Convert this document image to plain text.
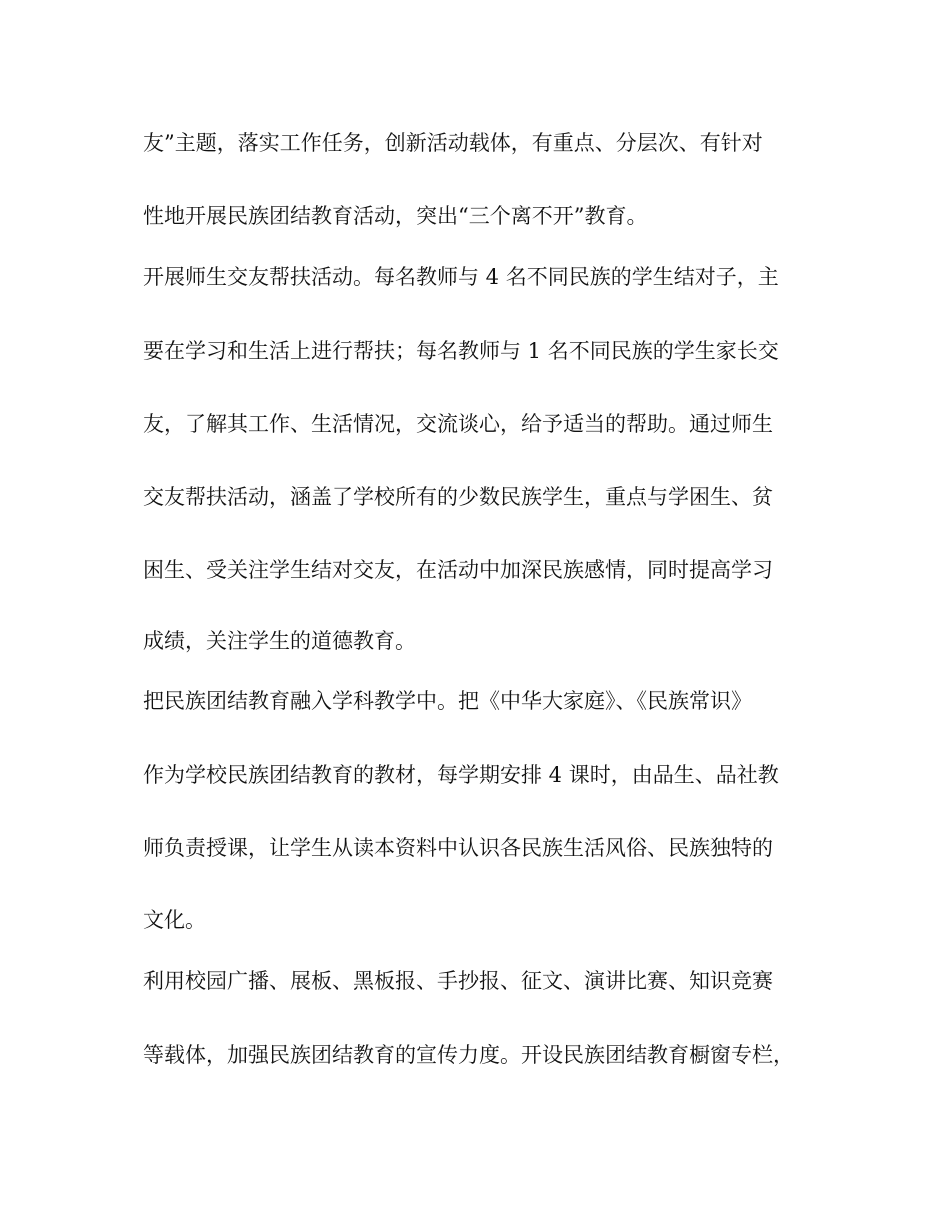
友”主题，落实工作任务，创新活动载体，有重点、分层次、有针对
性地开展民族团结教育活动，突出“三个离不开”教育。
开展师生交友帮扶活动。每名教师与 4 名不同民族的学生结对子，主
要在学习和生活上进行帮扶；每名教师与 1 名不同民族的学生家长交
友，了解其工作、生活情况，交流谈心，给予适当的帮助。通过师生
交友帮扶活动，涵盖了学校所有的少数民族学生，重点与学困生、贫
困生、受关注学生结对交友，在活动中加深民族感情，同时提高学习
成绩，关注学生的道德教育。
把民族团结教育融入学科教学中。把《中华大家庭》、《民族常识》
作为学校民族团结教育的教材，每学期安排 4 课时，由品生、品社教
师负责授课，让学生从读本资料中认识各民族生活风俗、民族独特的
文化。
利用校园广播、展板、黑板报、手抄报、征文、演讲比赛、知识竞赛
等载体，加强民族团结教育的宣传力度。开设民族团结教育橱窗专栏，
